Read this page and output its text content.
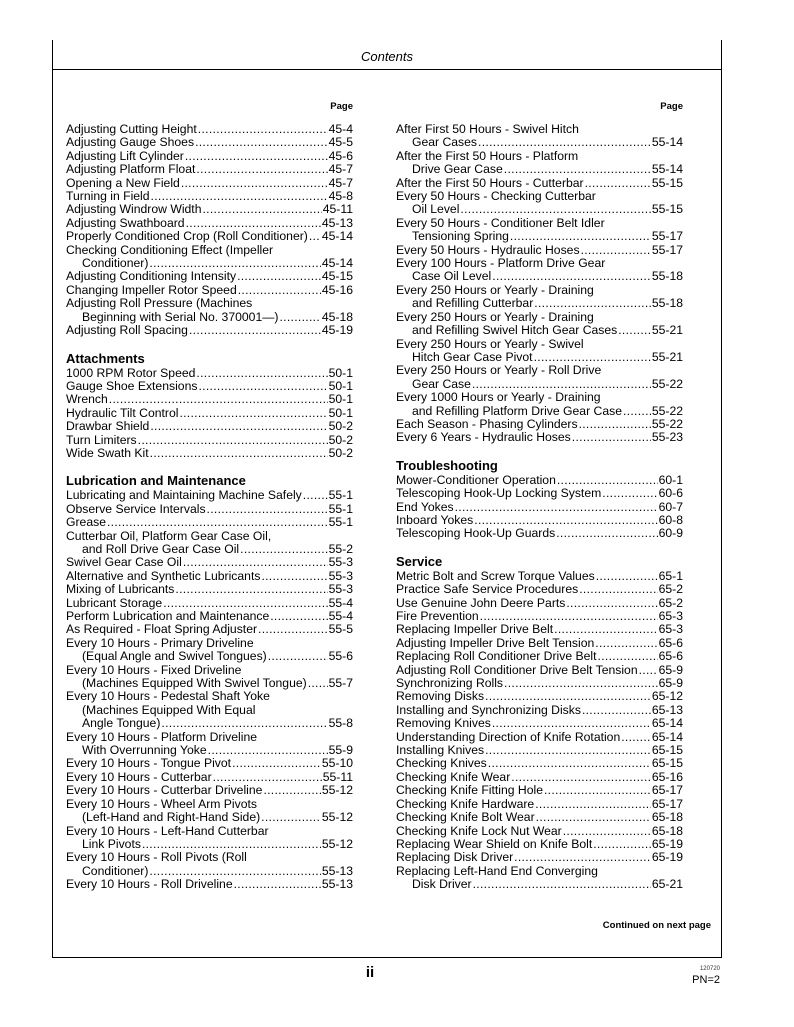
Contents
Page
Adjusting Cutting Height .....	45-4
Adjusting Gauge Shoes .....	45-5
Adjusting Lift Cylinder .....	45-6
Adjusting Platform Float .....	45-7
Opening a New Field .....	45-7
Turning in Field .....	45-8
Adjusting Windrow Width .....	45-11
Adjusting Swathboard .....	45-13
Properly Conditioned Crop (Roll Conditioner) ..... 45-14
Checking Conditioning Effect (Impeller
Conditioner) .....	45-14
Adjusting Conditioning Intensity .....	45-15
Changing Impeller Rotor Speed .....	45-16
Adjusting Roll Pressure (Machines
Beginning with Serial No. 370001—) .....	45-18
Adjusting Roll Spacing .....	45-19
Attachments
1000 RPM Rotor Speed .....	50-1
Gauge Shoe Extensions .....	50-1
Wrench .....	50-1
Hydraulic Tilt Control .....	50-1
Drawbar Shield .....	50-2
Turn Limiters .....	50-2
Wide Swath Kit .....	50-2
Lubrication and Maintenance
Lubricating and Maintaining Machine Safely ..... 55-1
Observe Service Intervals .....	55-1
Grease .....	55-1
Cutterbar Oil, Platform Gear Case Oil,
and Roll Drive Gear Case Oil .....	55-2
Swivel Gear Case Oil .....	55-3
Alternative and Synthetic Lubricants .....	55-3
Mixing of Lubricants .....	55-3
Lubricant Storage .....	55-4
Perform Lubrication and Maintenance .....	55-4
As Required - Float Spring Adjuster .....	55-5
Every 10 Hours - Primary Driveline
(Equal Angle and Swivel Tongues) .....	55-6
Every 10 Hours - Fixed Driveline
(Machines Equipped With Swivel Tongue) ..... 55-7
Every 10 Hours - Pedestal Shaft Yoke
(Machines Equipped With Equal
Angle Tongue) .....	55-8
Every 10 Hours - Platform Driveline
With Overrunning Yoke .....	55-9
Every 10 Hours - Tongue Pivot .....	55-10
Every 10 Hours - Cutterbar .....	55-11
Every 10 Hours - Cutterbar Driveline .....	55-12
Every 10 Hours - Wheel Arm Pivots
(Left-Hand and Right-Hand Side) .....	55-12
Every 10 Hours - Left-Hand Cutterbar
Link Pivots .....	55-12
Every 10 Hours - Roll Pivots (Roll
Conditioner) .....	55-13
Every 10 Hours - Roll Driveline .....	55-13
Page
After First 50 Hours - Swivel Hitch
Gear Cases .....	55-14
After the First 50 Hours - Platform
Drive Gear Case .....	55-14
After the First 50 Hours - Cutterbar .....	55-15
Every 50 Hours - Checking Cutterbar
Oil Level .....	55-15
Every 50 Hours - Conditioner Belt Idler
Tensioning Spring .....	55-17
Every 50 Hours - Hydraulic Hoses .....	55-17
Every 100 Hours - Platform Drive Gear
Case Oil Level .....	55-18
Every 250 Hours or Yearly - Draining
and Refilling Cutterbar .....	55-18
Every 250 Hours or Yearly - Draining
and Refilling Swivel Hitch Gear Cases .....	55-21
Every 250 Hours or Yearly - Swivel
Hitch Gear Case Pivot .....	55-21
Every 250 Hours or Yearly - Roll Drive
Gear Case .....	55-22
Every 1000 Hours or Yearly - Draining
and Refilling Platform Drive Gear Case ..... 55-22
Each Season - Phasing Cylinders .....	55-22
Every 6 Years - Hydraulic Hoses .....	55-23
Troubleshooting
Mower-Conditioner Operation .....	60-1
Telescoping Hook-Up Locking System .....	60-6
End Yokes .....	60-7
Inboard Yokes .....	60-8
Telescoping Hook-Up Guards .....	60-9
Service
Metric Bolt and Screw Torque Values .....	65-1
Practice Safe Service Procedures .....	65-2
Use Genuine John Deere Parts .....	65-2
Fire Prevention .....	65-3
Replacing Impeller Drive Belt .....	65-3
Adjusting Impeller Drive Belt Tension .....	65-6
Replacing Roll Conditioner Drive Belt .....	65-6
Adjusting Roll Conditioner Drive Belt Tension ..... 65-9
Synchronizing Rolls .....	65-9
Removing Disks .....	65-12
Installing and Synchronizing Disks .....	65-13
Removing Knives .....	65-14
Understanding Direction of Knife Rotation .....	65-14
Installing Knives .....	65-15
Checking Knives .....	65-15
Checking Knife Wear .....	65-16
Checking Knife Fitting Hole .....	65-17
Checking Knife Hardware .....	65-17
Checking Knife Bolt Wear .....	65-18
Checking Knife Lock Nut Wear .....	65-18
Replacing Wear Shield on Knife Bolt .....	65-19
Replacing Disk Driver .....	65-19
Replacing Left-Hand End Converging
Disk Driver .....	65-21
Continued on next page
ii	120720
PN=2
